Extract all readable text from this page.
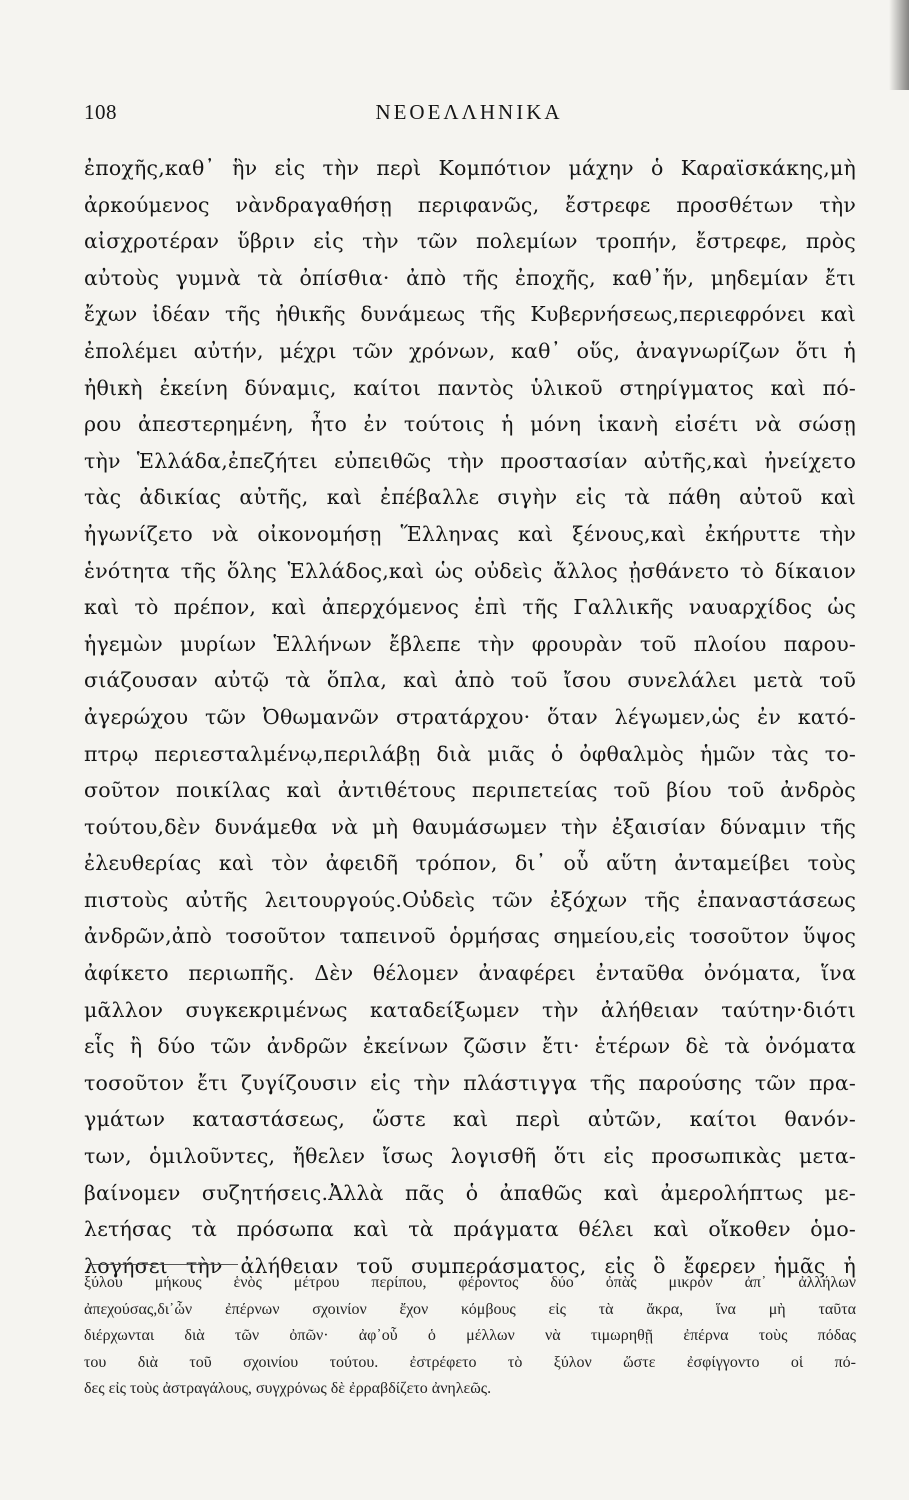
108	ΝΕΟΕΛΛΗΝΙΚΑ
ἐποχῆς,καθ᾽ ἣν εἰς τὴν περὶ Κομπότιον μάχην ὁ Καραϊσκάκης,μὴ
ἀρκούμενος νὰνδραγαθήσῃ περιφανῶς, ἔστρεφε προσθέτων τὴν
αἰσχροτέραν ὕβριν εἰς τὴν τῶν πολεμίων τροπήν, ἔστρεφε, πρὸς
αὐτοὺς γυμνὰ τὰ ὀπίσθια· ἀπὸ τῆς ἐποχῆς, καθ᾽ἥν, μηδεμίαν ἔτι
ἔχων ἰδέαν τῆς ἠθικῆς δυνάμεως τῆς Κυβερνήσεως,περιεφρόνει καὶ
ἐπολέμει αὐτήν, μέχρι τῶν χρόνων, καθ᾽ οὕς, ἀναγνωρίζων ὅτι ἡ
ἠθικὴ ἐκείνη δύναμις, καίτοι παντὸς ὑλικοῦ στηρίγματος καὶ πό-
ρου ἀπεστερημένη, ἦτο ἐν τούτοις ἡ μόνη ἱκανὴ εἰσέτι νὰ σώσῃ
τὴν Ἑλλάδα,ἐπεζήτει εὐπειθῶς τὴν προστασίαν αὐτῆς,καὶ ἠνείχετο
τὰς ἀδικίας αὐτῆς, καὶ ἐπέβαλλε σιγὴν εἰς τὰ πάθη αὐτοῦ καὶ
ἠγωνίζετο νὰ οἰκονομήσῃ Ἕλληνας καὶ ξένους,καὶ ἐκήρυττε τὴν
ἑνότητα τῆς ὅλης Ἑλλάδος,καὶ ὡς οὐδεὶς ἄλλος ᾐσθάνετο τὸ δίκαιον
καὶ τὸ πρέπον, καὶ ἀπερχόμενος ἐπὶ τῆς Γαλλικῆς ναυαρχίδος ὡς
ἡγεμὼν μυρίων Ἑλλήνων ἔβλεπε τὴν φρουρὰν τοῦ πλοίου παρου-
σιάζουσαν αὐτῷ τὰ ὅπλα, καὶ ἀπὸ τοῦ ἴσου συνελάλει μετὰ τοῦ
ἀγερώχου τῶν Ὀθωμανῶν στρατάρχου· ὅταν λέγωμεν,ὡς ἐν κατό-
πτρῳ περιεσταλμένῳ,περιλάβῃ διὰ μιᾶς ὁ ὀφθαλμὸς ἡμῶν τὰς το-
σοῦτον ποικίλας καὶ ἀντιθέτους περιπετείας τοῦ βίου τοῦ ἀνδρὸς
τούτου,δὲν δυνάμεθα νὰ μὴ θαυμάσωμεν τὴν ἐξαισίαν δύναμιν τῆς
ἐλευθερίας καὶ τὸν ἀφειδῆ τρόπον, δι᾽ οὗ αὕτη ἀνταμείβει τοὺς
πιστοὺς αὐτῆς λειτουργούς.Οὐδεὶς τῶν ἐξόχων τῆς ἐπαναστάσεως
ἀνδρῶν,ἀπὸ τοσοῦτον ταπεινοῦ ὁρμήσας σημείου,εἰς τοσοῦτον ὕψος
ἀφίκετο περιωπῆς. Δὲν θέλομεν ἀναφέρει ἐνταῦθα ὀνόματα, ἵνα
μᾶλλον συγκεκριμένως καταδείξωμεν τὴν ἀλήθειαν ταύτην·διότι
εἷς ἢ δύο τῶν ἀνδρῶν ἐκείνων ζῶσιν ἔτι· ἑτέρων δὲ τὰ ὀνόματα
τοσοῦτον ἔτι ζυγίζουσιν εἰς τὴν πλάστιγγα τῆς παρούσης τῶν πρα-
γμάτων καταστάσεως, ὥστε καὶ περὶ αὐτῶν, καίτοι θανόν-
των, ὁμιλοῦντες, ἤθελεν ἴσως λογισθῆ ὅτι εἰς προσωπικὰς μετα-
βαίνομεν συζητήσεις.Ἀλλὰ πᾶς ὁ ἀπαθῶς καὶ ἀμερολήπτως με-
λετήσας τὰ πρόσωπα καὶ τὰ πράγματα θέλει καὶ οἴκοθεν ὁμο-
λογήσει τὴν ἀλήθειαν τοῦ συμπεράσματος, εἰς ὃ ἔφερεν ἡμᾶς ἡ
ξύλου μήκους ἑνὸς μέτρου περίπου, φέροντος δύο ὀπὰς μικρὸν ἀπ᾽ ἀλλήλων
ἀπεχούσας,δι᾽ὧν ἐπέρνων σχοινίον ἔχον κόμβους εἰς τὰ ἄκρα, ἵνα μὴ ταῦτα
διέρχωνται διὰ τῶν ὀπῶν· ἀφ᾽οὗ ὁ μέλλων νὰ τιμωρηθῇ ἐπέρνα τοὺς πόδας
του διὰ τοῦ σχοινίου τούτου. ἐστρέφετο τὸ ξύλον ὥστε ἐσφίγγοντο οἱ πό-
δες εἰς τοὺς ἀστραγάλους, συγχρόνως δὲ ἐρραβδίζετο ἀνηλεῶς.
